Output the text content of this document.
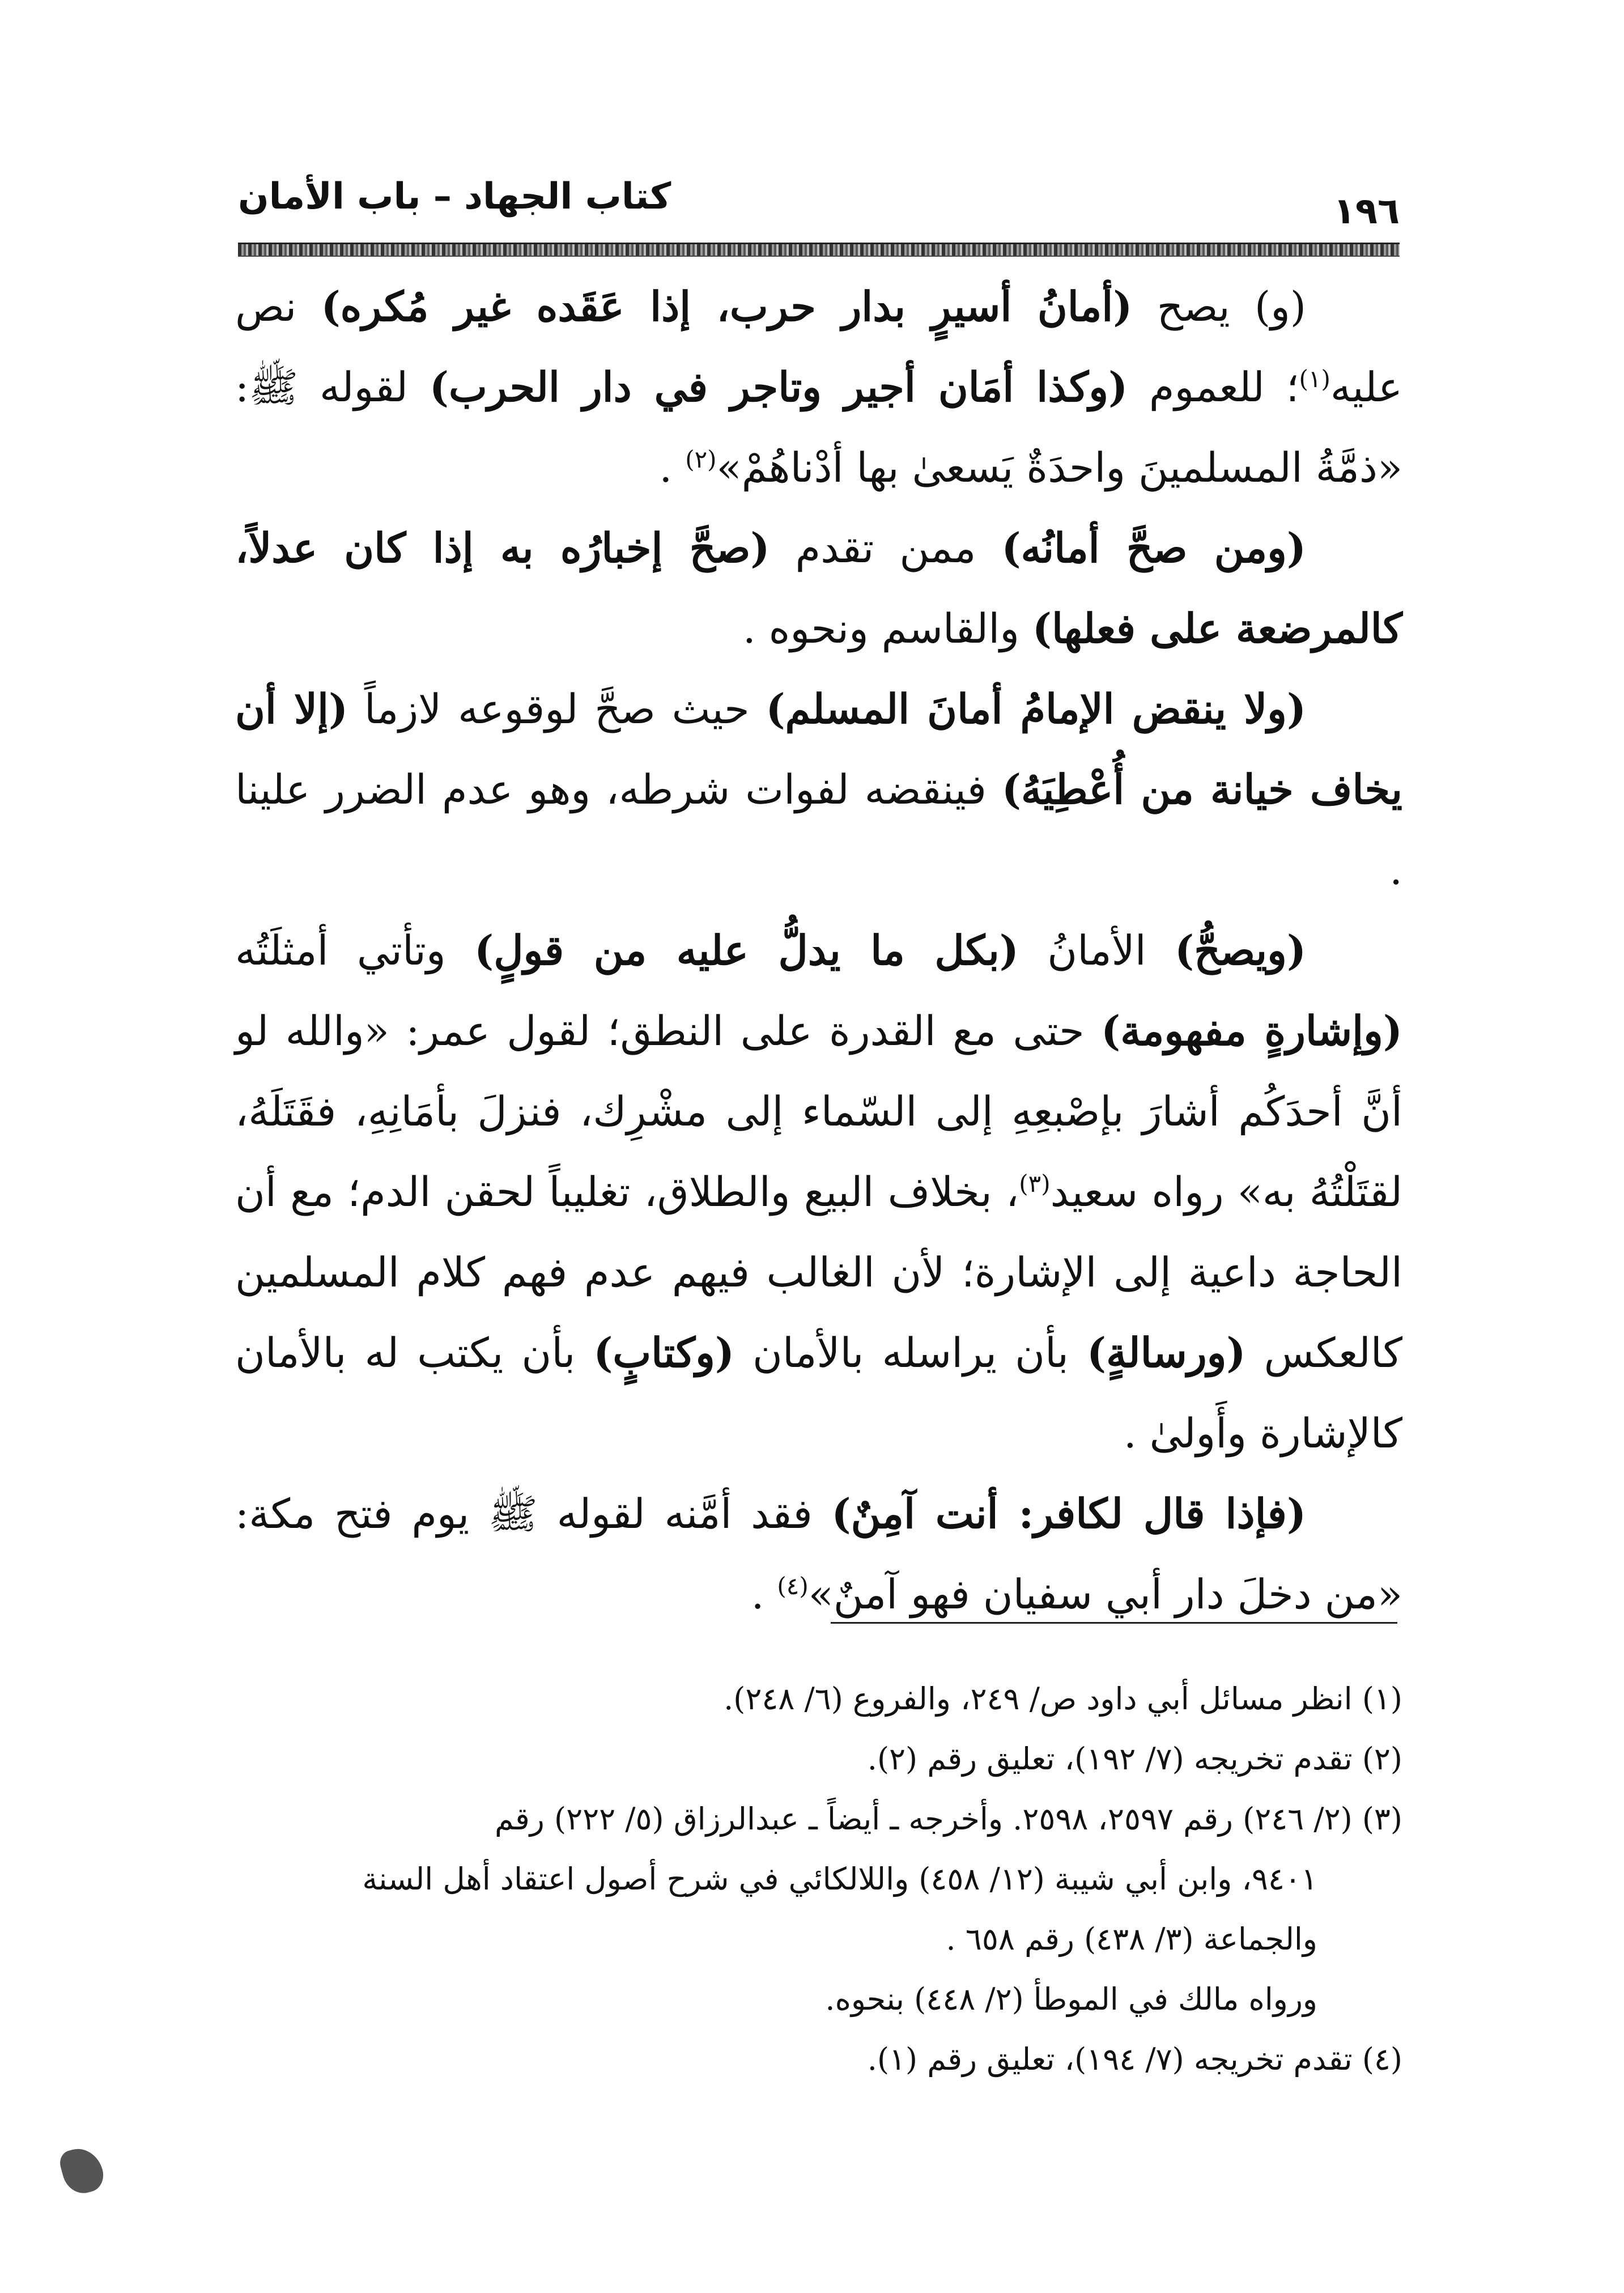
١٩٦
كتاب الجهاد – باب الأمان

(و) يصح (أمانُ أسيرٍ بدار حرب، إذا عَقَده غير مُكره) نص عليه$^{(١)}$؛ للعموم (وكذا أمَان أجير وتاجر في دار الحرب) لقوله ﷺ: «ذمَّةُ المسلمينَ واحدَةٌ يَسعىٰ بها أدْناهُمْ»$^{(٢)}$ .

(ومن صحَّ أمانُه) ممن تقدم (صحَّ إخبارُه به إذا كان عدلاً، كالمرضعة على فعلها) والقاسم ونحوه .

(ولا ينقض الإمامُ أمانَ المسلم) حيث صحَّ لوقوعه لازماً (إلا أن يخاف خيانة من أُعْطِيَهُ) فينقضه لفوات شرطه، وهو عدم الضرر علينا .

(ويصحُّ) الأمانُ (بكل ما يدلُّ عليه من قولٍ) وتأتي أمثلَتُه (وإشارةٍ مفهومة) حتى مع القدرة على النطق؛ لقول عمر: «والله لو أنَّ أحدَكُم أشارَ بإصْبعِهِ إلى السّماء إلى مشْرِك، فنزلَ بأمَانِهِ، فقَتَلَهُ، لقتَلْتُهُ به» رواه سعيد$^{(٣)}$، بخلاف البيع والطلاق، تغليباً لحقن الدم؛ مع أن الحاجة داعية إلى الإشارة؛ لأن الغالب فيهم عدم فهم كلام المسلمين كالعكس (ورسالةٍ) بأن يراسله بالأمان (وكتابٍ) بأن يكتب له بالأمان كالإشارة وأَولىٰ .

(فإذا قال لكافر: أنت آمِنٌ) فقد أمَّنه لقوله ﷺ يوم فتح مكة: «من دخلَ دار أبي سفيان فهو آمنٌ»$^{(٤)}$ .

(١) انظر مسائل أبي داود ص/ ٢٤٩، والفروع (٦/ ٢٤٨).

(٢) تقدم تخريجه (٧/ ١٩٢)، تعليق رقم (٢).

(٣) (٢/ ٢٤٦) رقم ٢٥٩٧، ٢٥٩٨. وأخرجه ـ أيضاً ـ عبدالرزاق (٥/ ٢٢٢) رقم

٩٤٠١، وابن أبي شيبة (١٢/ ٤٥٨) واللالكائي في شرح أصول اعتقاد أهل السنة

والجماعة (٣/ ٤٣٨) رقم ٦٥٨ .

ورواه مالك في الموطأ (٢/ ٤٤٨) بنحوه.

(٤) تقدم تخريجه (٧/ ١٩٤)، تعليق رقم (١).
